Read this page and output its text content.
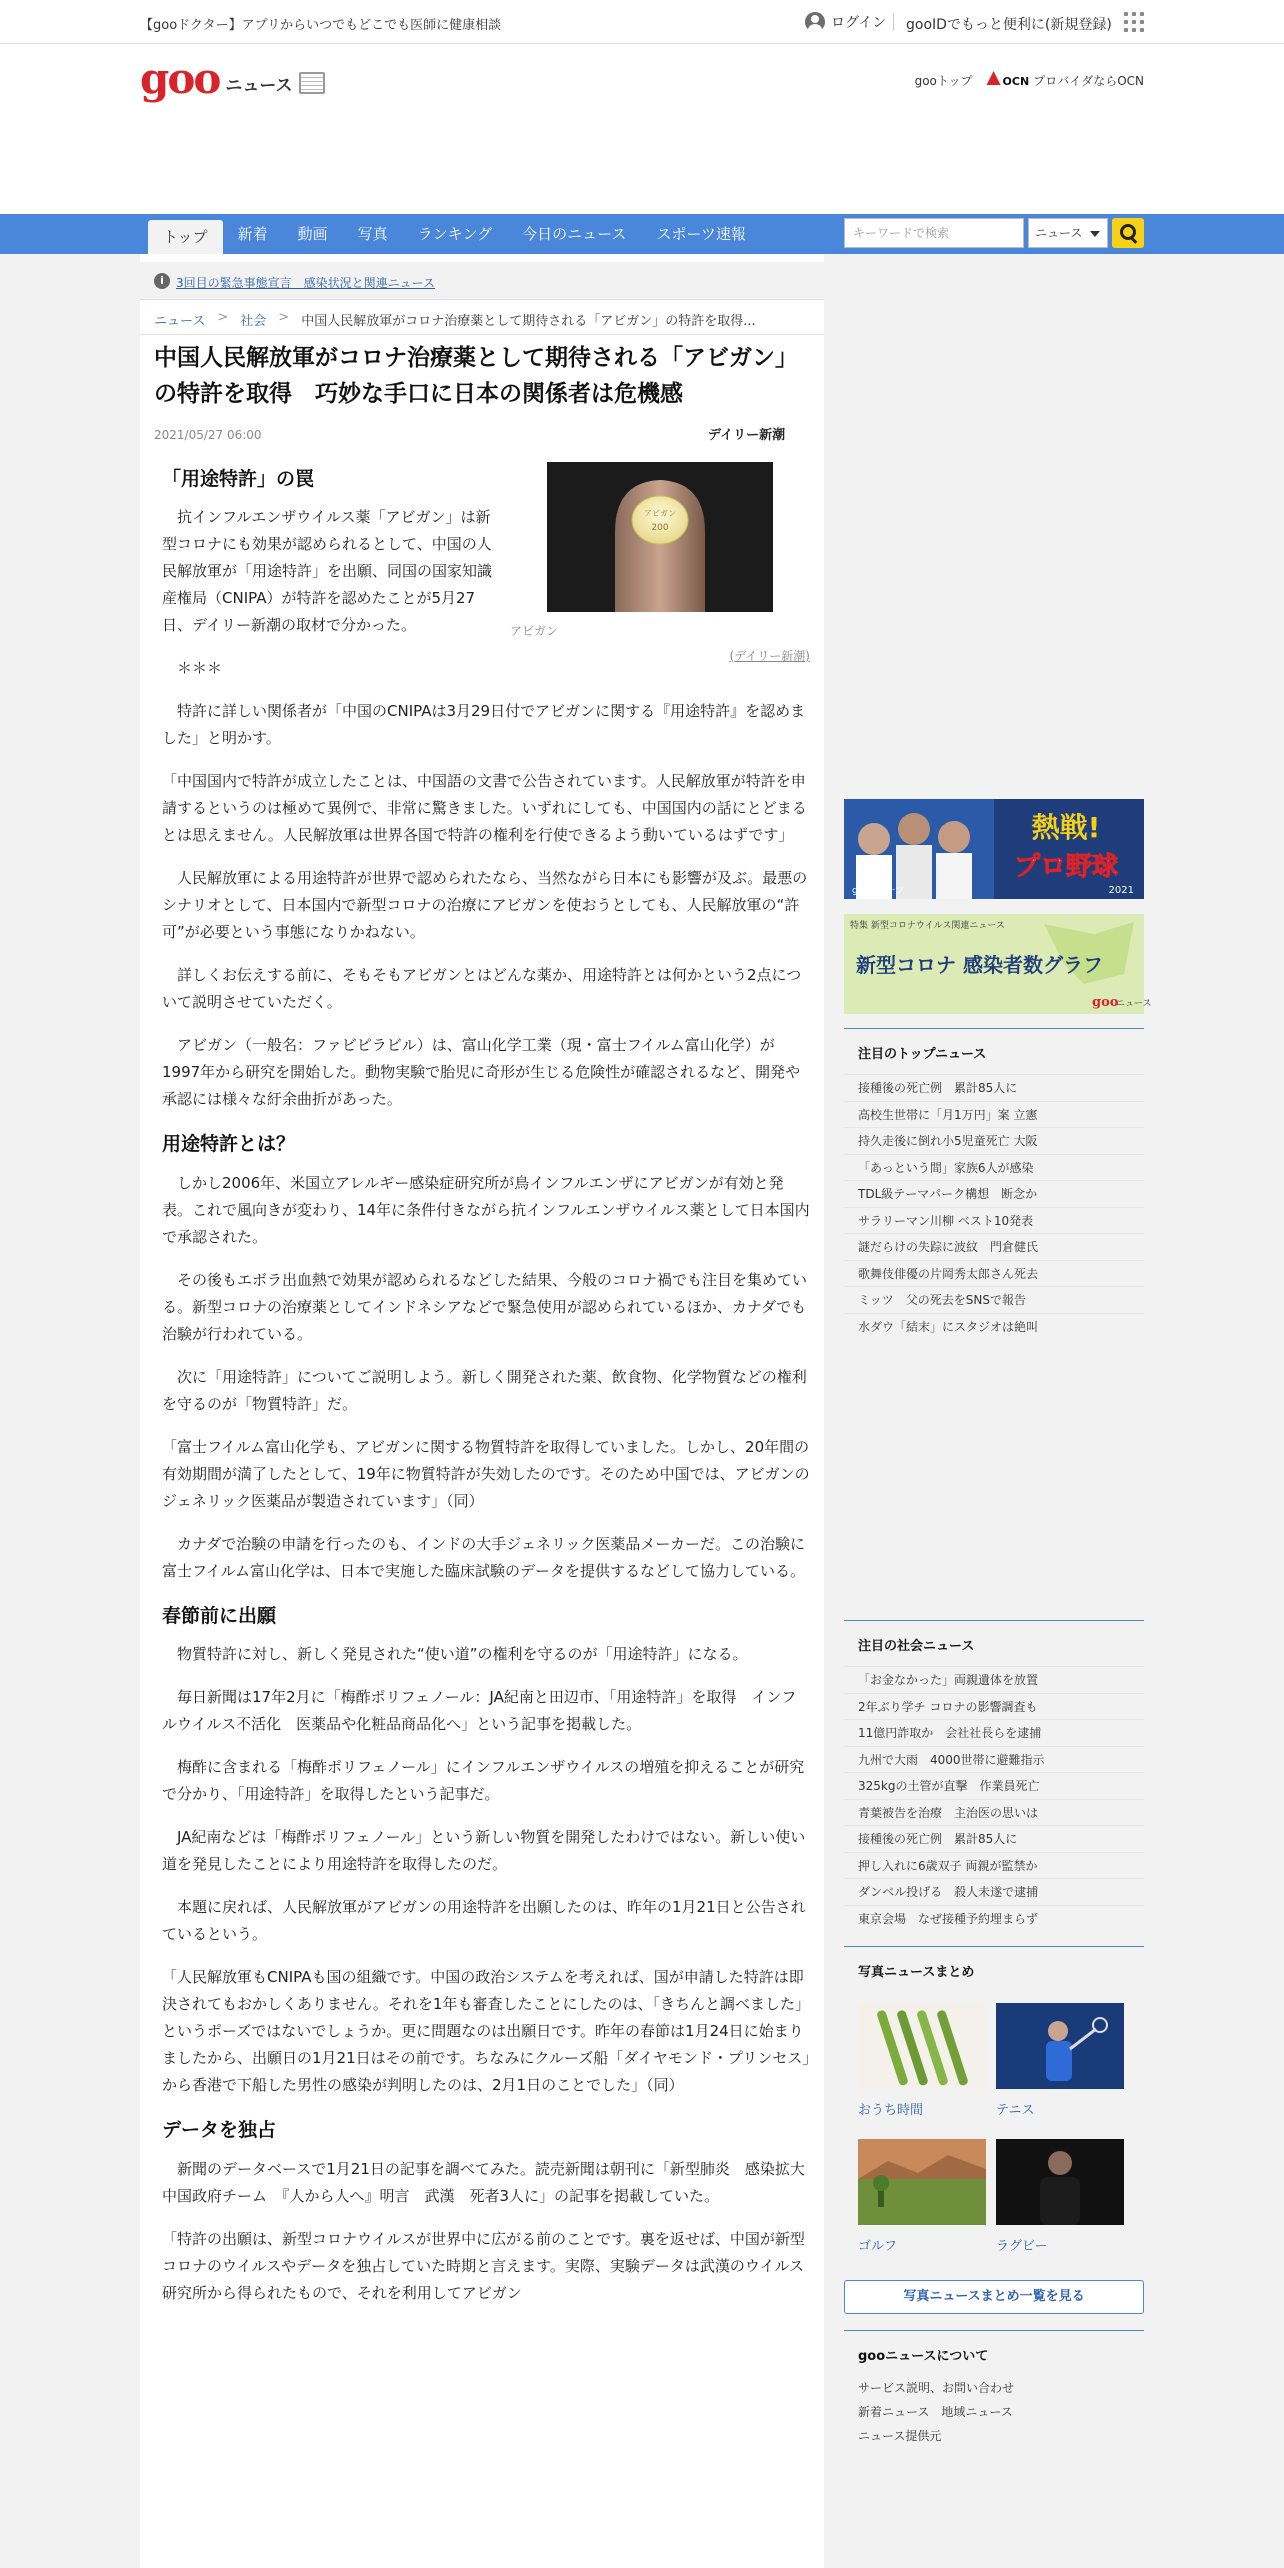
【gooドクター】アプリからいつでもどこでも医師に健康相談	ログイン gooIDでもっと便利に(新規登録)
goo ニュース	gooトップ	OCN プロバイダならOCN
トップ	新着	動画	写真	ランキング	今日のニュース	スポーツ速報
キーワードで検索	ニュース
i	3回目の緊急事態宣言　感染状況と関連ニュース
ニュース > 社会 > 中国人民解放軍がコロナ治療薬として期待される「アビガン」の特許を取得...
中国人民解放軍がコロナ治療薬として期待される「アビガン」の特許を取得　巧妙な手口に日本の関係者は危機感
2021/05/27 06:00	デイリー新潮
アビガン
200
アビガン
(デイリー新潮)
「用途特許」の罠

抗インフルエンザウイルス薬「アビガン」は新型コロナにも効果が認められるとして、中国の人民解放軍が「用途特許」を出願、同国の国家知識産権局（CNIPA）が特許を認めたことが5月27日、デイリー新潮の取材で分かった。

＊＊＊

特許に詳しい関係者が「中国のCNIPAは3月29日付でアビガンに関する『用途特許』を認めました」と明かす。

「中国国内で特許が成立したことは、中国語の文書で公告されています。人民解放軍が特許を申請するというのは極めて異例で、非常に驚きました。いずれにしても、中国国内の話にとどまるとは思えません。人民解放軍は世界各国で特許の権利を行使できるよう動いているはずです」

人民解放軍による用途特許が世界で認められたなら、当然ながら日本にも影響が及ぶ。最悪のシナリオとして、日本国内で新型コロナの治療にアビガンを使おうとしても、人民解放軍の“許可”が必要という事態になりかねない。

詳しくお伝えする前に、そもそもアビガンとはどんな薬か、用途特許とは何かという2点について説明させていただく。

アビガン（一般名：ファビピラビル）は、富山化学工業（現・富士フイルム富山化学）が1997年から研究を開始した。動物実験で胎児に奇形が生じる危険性が確認されるなど、開発や承認には様々な紆余曲折があった。

用途特許とは？

しかし2006年、米国立アレルギー感染症研究所が鳥インフルエンザにアビガンが有効と発表。これで風向きが変わり、14年に条件付きながら抗インフルエンザウイルス薬として日本国内で承認された。

その後もエボラ出血熱で効果が認められるなどした結果、今般のコロナ禍でも注目を集めている。新型コロナの治療薬としてインドネシアなどで緊急使用が認められているほか、カナダでも治験が行われている。

次に「用途特許」についてご説明しよう。新しく開発された薬、飲食物、化学物質などの権利を守るのが「物質特許」だ。

「富士フイルム富山化学も、アビガンに関する物質特許を取得していました。しかし、20年間の有効期間が満了したとして、19年に物質特許が失効したのです。そのため中国では、アビガンのジェネリック医薬品が製造されています」（同）

カナダで治験の申請を行ったのも、インドの大手ジェネリック医薬品メーカーだ。この治験に富士フイルム富山化学は、日本で実施した臨床試験のデータを提供するなどして協力している。

春節前に出願

物質特許に対し、新しく発見された“使い道”の権利を守るのが「用途特許」になる。

毎日新聞は17年2月に「梅酢ポリフェノール：JA紀南と田辺市、「用途特許」を取得　インフルウイルス不活化　医薬品や化粧品商品化へ」という記事を掲載した。

梅酢に含まれる「梅酢ポリフェノール」にインフルエンザウイルスの増殖を抑えることが研究で分かり、「用途特許」を取得したという記事だ。

JA紀南などは「梅酢ポリフェノール」という新しい物質を開発したわけではない。新しい使い道を発見したことにより用途特許を取得したのだ。

本題に戻れば、人民解放軍がアビガンの用途特許を出願したのは、昨年の1月21日と公告されているという。

「人民解放軍もCNIPAも国の組織です。中国の政治システムを考えれば、国が申請した特許は即決されてもおかしくありません。それを1年も審査したことにしたのは、「きちんと調べました」というポーズではないでしょうか。更に問題なのは出願日です。昨年の春節は1月24日に始まりましたから、出願日の1月21日はその前です。ちなみにクルーズ船「ダイヤモンド・プリンセス」から香港で下船した男性の感染が判明したのは、2月1日のことでした」（同）

データを独占

新聞のデータベースで1月21日の記事を調べてみた。読売新聞は朝刊に「新型肺炎　感染拡大　中国政府チーム　『人から人へ』明言　武漢　死者3人に」の記事を掲載していた。

「特許の出願は、新型コロナウイルスが世界中に広がる前のことです。裏を返せば、中国が新型コロナのウイルスやデータを独占していた時期と言えます。実際、実験データは武漢のウイルス研究所から得られたもので、それを利用してアビガン

熱戦!
プロ野球
2021
gooスポーツ
特集 新型コロナウイルス関連ニュース
新型コロナ 感染者数グラフ
goo
ニュース
注目のトップニュース
接種後の死亡例　累計85人に
高校生世帯に「月1万円」案 立憲
持久走後に倒れ小5児童死亡 大阪
「あっという間」家族6人が感染
TDL級テーマパーク構想　断念か
サラリーマン川柳 ベスト10発表
謎だらけの失踪に波紋　門倉健氏
歌舞伎俳優の片岡秀太郎さん死去
ミッツ　父の死去をSNSで報告
水ダウ「結末」にスタジオは絶叫
注目の社会ニュース
「お金なかった」両親遺体を放置
2年ぶり学チ コロナの影響調査も
11億円詐取か　会社社長らを逮捕
九州で大雨　4000世帯に避難指示
325kgの土管が直撃　作業員死亡
青葉被告を治療　主治医の思いは
接種後の死亡例　累計85人に
押し入れに6歳双子 両親が監禁か
ダンベル投げる　殺人未遂で逮捕
東京会場　なぜ接種予約埋まらず
写真ニュースまとめ
おうち時間	テニス
ゴルフ	ラグビー
写真ニュースまとめ一覧を見る
gooニュースについて
サービス説明、お問い合わせ
新着ニュース　地域ニュース
ニュース提供元
